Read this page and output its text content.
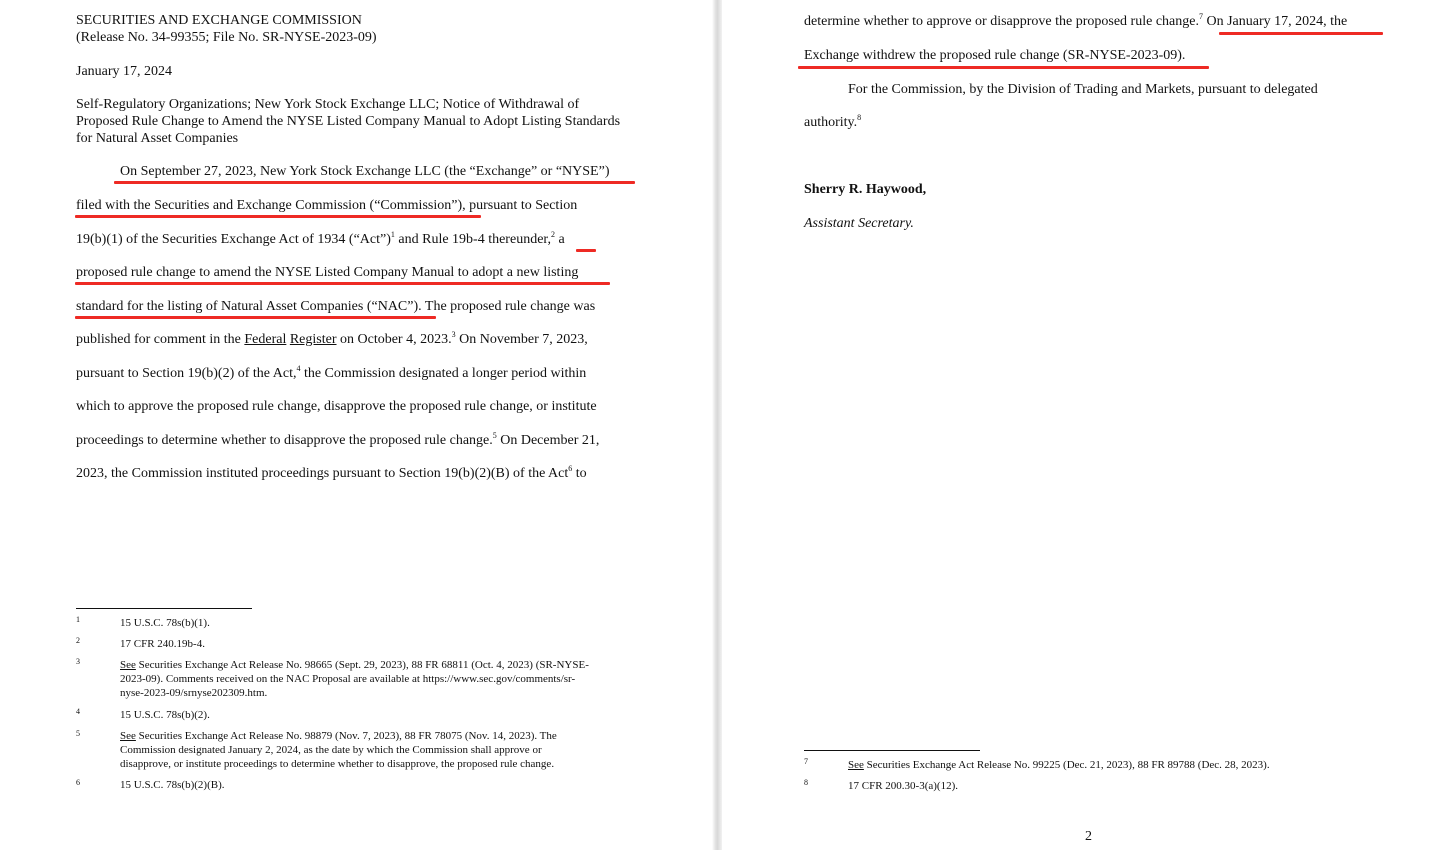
SECURITIES AND EXCHANGE COMMISSION
(Release No. 34-99355; File No. SR-NYSE-2023-09)
January 17, 2024
Self-Regulatory Organizations; New York Stock Exchange LLC; Notice of Withdrawal of
Proposed Rule Change to Amend the NYSE Listed Company Manual to Adopt Listing Standards
for Natural Asset Companies
On September 27, 2023, New York Stock Exchange LLC (the “Exchange” or “NYSE”)
filed with the Securities and Exchange Commission (“Commission”), pursuant to Section
19(b)(1) of the Securities Exchange Act of 1934 (“Act”)$^1$ and Rule 19b-4 thereunder,$^2$ a
proposed rule change to amend the NYSE Listed Company Manual to adopt a new listing
standard for the listing of Natural Asset Companies (“NAC”). The proposed rule change was
published for comment in the Federal Register on October 4, 2023.$^3$ On November 7, 2023,
pursuant to Section 19(b)(2) of the Act,$^4$ the Commission designated a longer period within
which to approve the proposed rule change, disapprove the proposed rule change, or institute
proceedings to determine whether to disapprove the proposed rule change.$^5$ On December 21,
2023, the Commission instituted proceedings pursuant to Section 19(b)(2)(B) of the Act$^6$ to
1	15 U.S.C. 78s(b)(1).
2	17 CFR 240.19b-4.
3	See Securities Exchange Act Release No. 98665 (Sept. 29, 2023), 88 FR 68811 (Oct. 4, 2023) (SR-NYSE-
2023-09). Comments received on the NAC Proposal are available at https://www.sec.gov/comments/sr-
nyse-2023-09/srnyse202309.htm.
4	15 U.S.C. 78s(b)(2).
5	See Securities Exchange Act Release No. 98879 (Nov. 7, 2023), 88 FR 78075 (Nov. 14, 2023). The
Commission designated January 2, 2024, as the date by which the Commission shall approve or
disapprove, or institute proceedings to determine whether to disapprove, the proposed rule change.
6	15 U.S.C. 78s(b)(2)(B).
determine whether to approve or disapprove the proposed rule change.$^7$ On January 17, 2024, the
Exchange withdrew the proposed rule change (SR-NYSE-2023-09).
For the Commission, by the Division of Trading and Markets, pursuant to delegated
authority.$^8$
Sherry R. Haywood,
Assistant Secretary.
7	See Securities Exchange Act Release No. 99225 (Dec. 21, 2023), 88 FR 89788 (Dec. 28, 2023).
8	17 CFR 200.30-3(a)(12).
2
